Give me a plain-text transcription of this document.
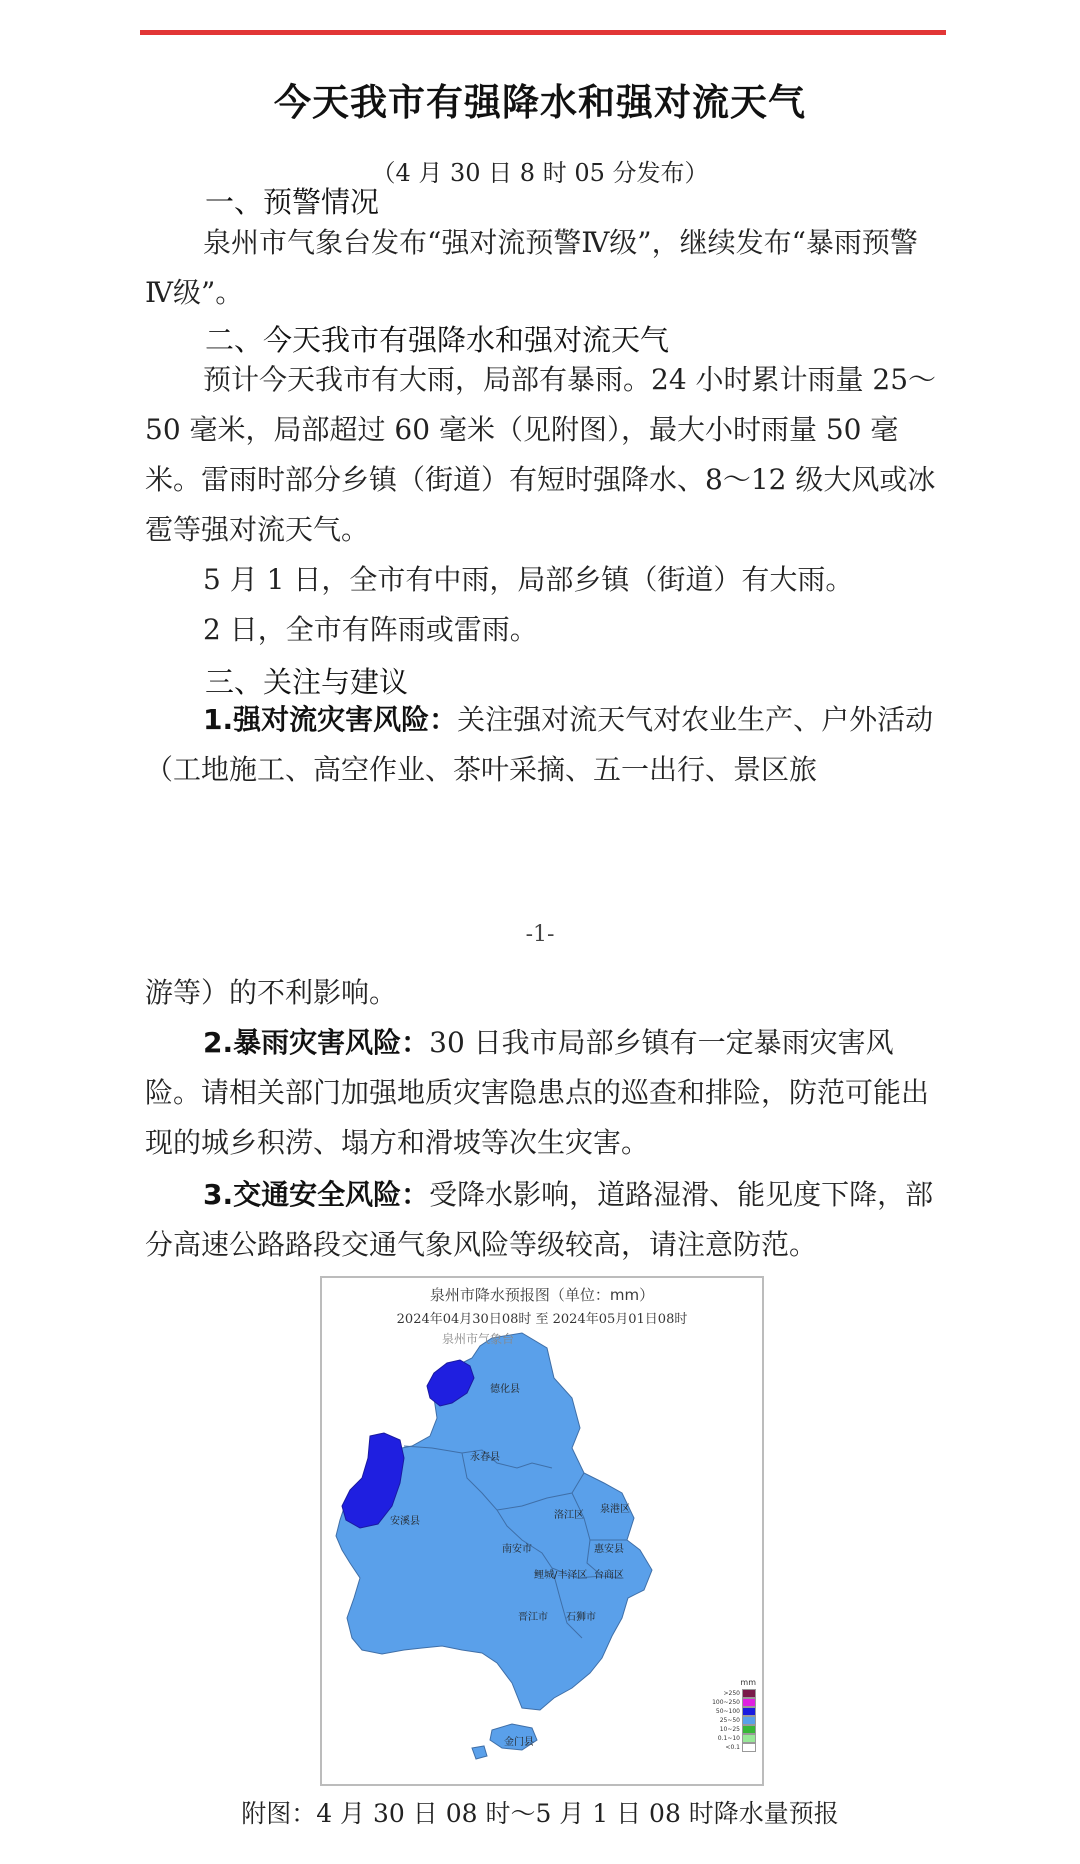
今天我市有强降水和强对流天气
（4 月 30 日 8 时 05 分发布）
一、预警情况
泉州市气象台发布“强对流预警Ⅳ级”，继续发布“暴雨预警Ⅳ级”。
二、今天我市有强降水和强对流天气
预计今天我市有大雨，局部有暴雨。24 小时累计雨量 25～50 毫米，局部超过 60 毫米（见附图），最大小时雨量 50 毫米。雷雨时部分乡镇（街道）有短时强降水、8～12 级大风或冰雹等强对流天气。
5 月 1 日，全市有中雨，局部乡镇（街道）有大雨。
2 日，全市有阵雨或雷雨。
三、关注与建议
1.强对流灾害风险：关注强对流天气对农业生产、户外活动（工地施工、高空作业、茶叶采摘、五一出行、景区旅
-1-
游等）的不利影响。
2.暴雨灾害风险：30 日我市局部乡镇有一定暴雨灾害风险。请相关部门加强地质灾害隐患点的巡查和排险，防范可能出现的城乡积涝、塌方和滑坡等次生灾害。
3.交通安全风险：受降水影响，道路湿滑、能见度下降，部分高速公路路段交通气象风险等级较高，请注意防范。
泉州市降水预报图（单位：mm）
2024年04月30日08时 至 2024年05月01日08时
泉州市气象台
德化县
永春县
安溪县
南安市
洛江区
泉港区
惠安县
鲤城/丰泽区 台商区
晋江市 石狮市
金门县
mm
>250
100~250
50~100
25~50
10~25
0.1~10
<0.1
附图：4 月 30 日 08 时～5 月 1 日 08 时降水量预报
